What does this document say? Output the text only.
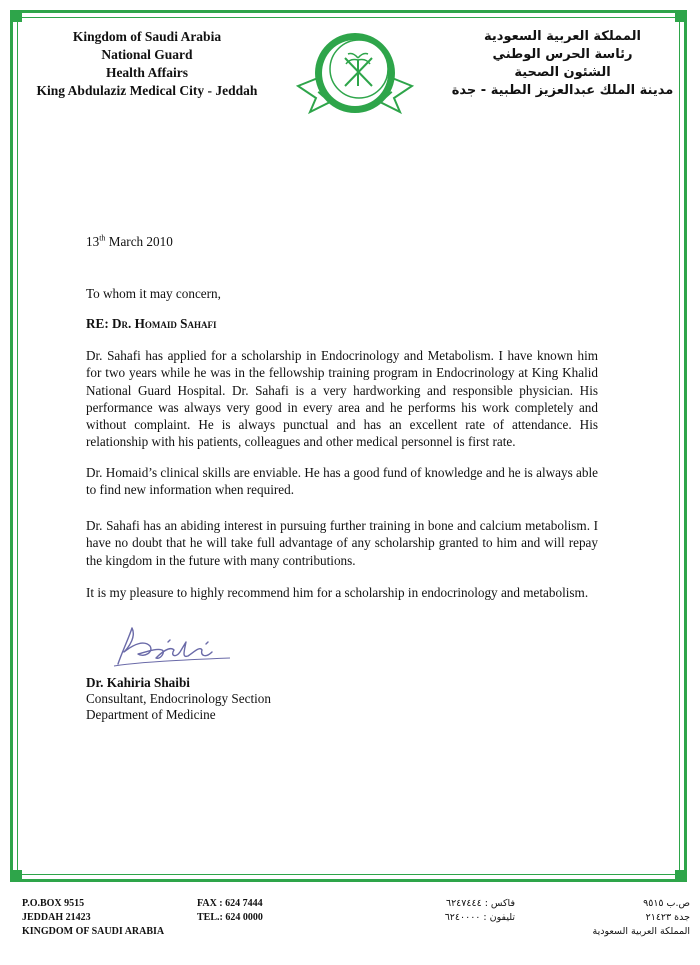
Kingdom of Saudi Arabia
National Guard
Health Affairs
King Abdulaziz Medical City - Jeddah
المملكة العربية السعودية
رئاسة الحرس الوطني
الشئون الصحية
مدينة الملك عبدالعزيز الطبية - جدة
13th March 2010
To whom it may concern,
RE: Dr. Homaid Sahafi
Dr. Sahafi has applied for a scholarship in Endocrinology and Metabolism. I have known him for two years while he was in the fellowship training program in Endocrinology at King Khalid National Guard Hospital. Dr. Sahafi is a very hardworking and responsible physician. His performance was always very good in every area and he performs his work completely and without complaint. He is always punctual and has an excellent rate of attendance. His relationship with his patients, colleagues and other medical personnel is first rate.
Dr. Homaid’s clinical skills are enviable. He has a good fund of knowledge and he is always able to find new information when required.
Dr. Sahafi has an abiding interest in pursuing further training in bone and calcium metabolism. I have no doubt that he will take full advantage of any scholarship granted to him and will repay the kingdom in the future with many contributions.
It is my pleasure to highly recommend him for a scholarship in endocrinology and metabolism.
Dr. Kahiria Shaibi
Consultant, Endocrinology Section
Department of Medicine
P.O.BOX 9515
JEDDAH 21423
KINGDOM OF SAUDI ARABIA
FAX : 624 7444
TEL.: 624 0000
فاكس : ٦٢٤٧٤٤٤
تليفون : ٦٢٤٠٠٠٠
ص.ب ٩٥١٥
جدة ٢١٤٢٣
المملكة العربية السعودية
